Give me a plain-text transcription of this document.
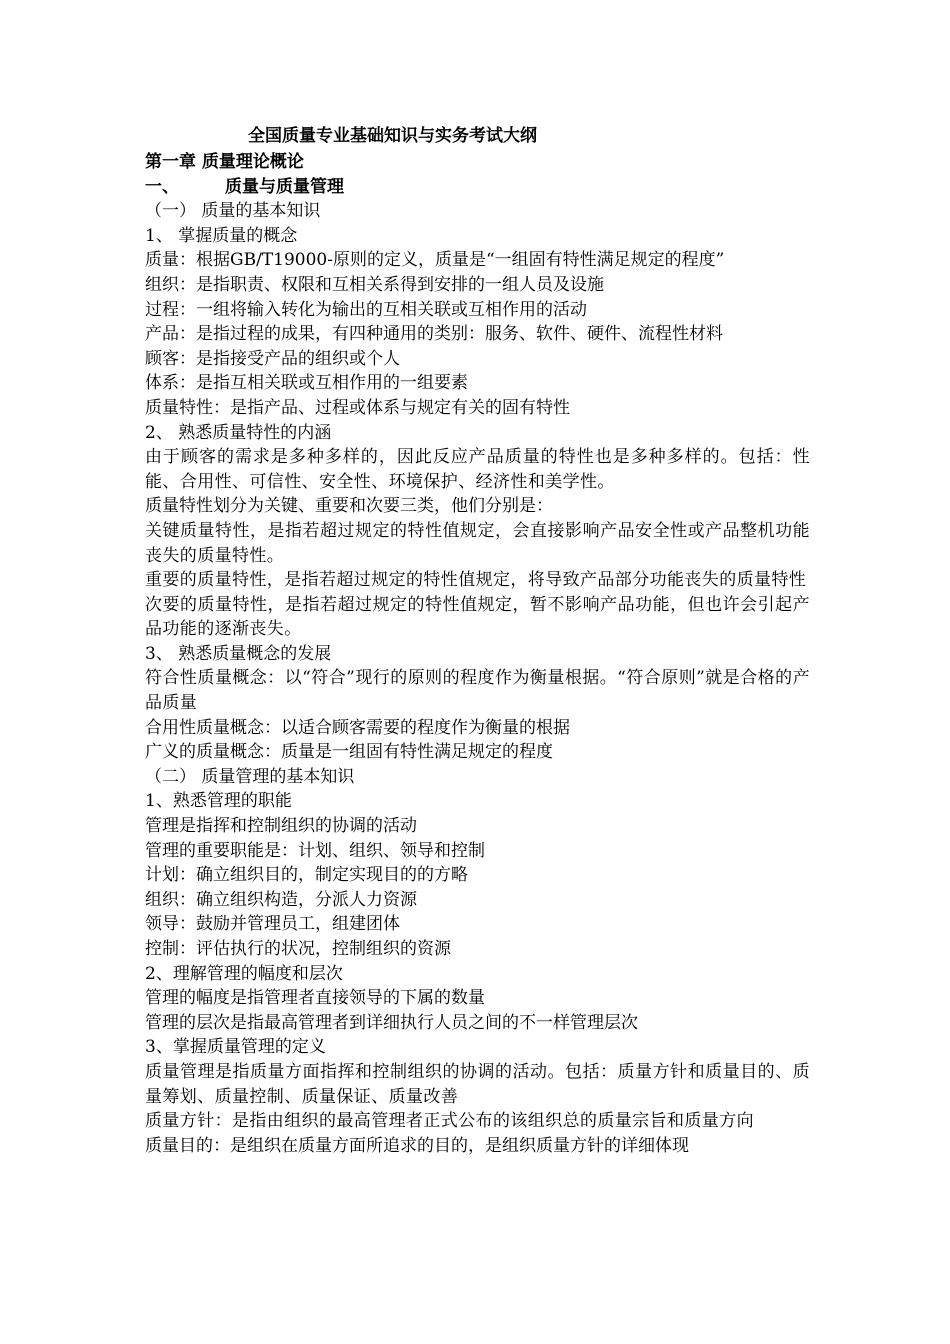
全国质量专业基础知识与实务考试大纲
第一章 质量理论概论
一、	质量与质量管理
（一） 质量的基本知识
1、 掌握质量的概念
质量：根据GB/T19000-原则的定义，质量是“一组固有特性满足规定的程度”
组织：是指职责、权限和互相关系得到安排的一组人员及设施
过程：一组将输入转化为输出的互相关联或互相作用的活动
产品：是指过程的成果，有四种通用的类别：服务、软件、硬件、流程性材料
顾客：是指接受产品的组织或个人
体系：是指互相关联或互相作用的一组要素
质量特性：是指产品、过程或体系与规定有关的固有特性
2、 熟悉质量特性的内涵
由于顾客的需求是多种多样的，因此反应产品质量的特性也是多种多样的。包括：性能、合用性、可信性、安全性、环境保护、经济性和美学性。
质量特性划分为关键、重要和次要三类，他们分别是：
关键质量特性，是指若超过规定的特性值规定，会直接影响产品安全性或产品整机功能丧失的质量特性。
重要的质量特性，是指若超过规定的特性值规定，将导致产品部分功能丧失的质量特性
次要的质量特性，是指若超过规定的特性值规定，暂不影响产品功能，但也许会引起产品功能的逐渐丧失。
3、 熟悉质量概念的发展
符合性质量概念：以“符合”现行的原则的程度作为衡量根据。“符合原则”就是合格的产品质量
合用性质量概念：以适合顾客需要的程度作为衡量的根据
广义的质量概念：质量是一组固有特性满足规定的程度
（二） 质量管理的基本知识
1、熟悉管理的职能
管理是指挥和控制组织的协调的活动
管理的重要职能是：计划、组织、领导和控制
计划：确立组织目的，制定实现目的的方略
组织：确立组织构造，分派人力资源
领导：鼓励并管理员工，组建团体
控制：评估执行的状况，控制组织的资源
2、理解管理的幅度和层次
管理的幅度是指管理者直接领导的下属的数量
管理的层次是指最高管理者到详细执行人员之间的不一样管理层次
3、掌握质量管理的定义
质量管理是指质量方面指挥和控制组织的协调的活动。包括：质量方针和质量目的、质量筹划、质量控制、质量保证、质量改善
质量方针：是指由组织的最高管理者正式公布的该组织总的质量宗旨和质量方向
质量目的：是组织在质量方面所追求的目的，是组织质量方针的详细体现
